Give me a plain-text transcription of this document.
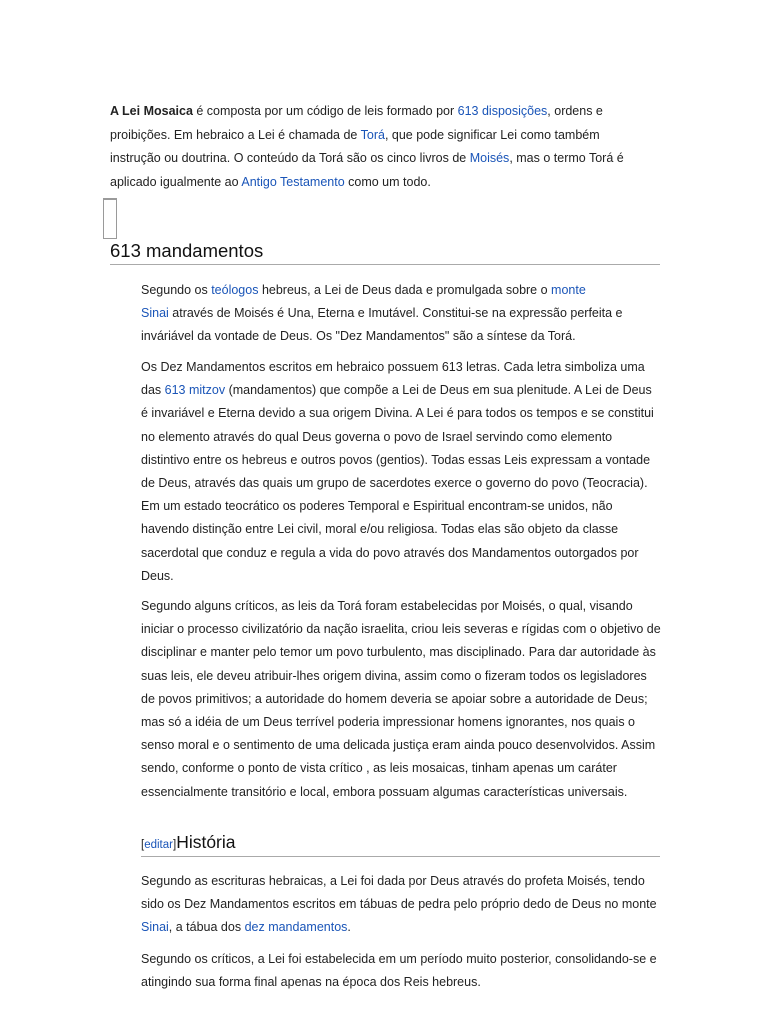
A Lei Mosaica é composta por um código de leis formado por 613 disposições, ordens e proibições. Em hebraico a Lei é chamada de Torá, que pode significar Lei como também instrução ou doutrina. O conteúdo da Torá são os cinco livros de Moisés, mas o termo Torá é aplicado igualmente ao Antigo Testamento como um todo.
613 mandamentos
Segundo os teólogos hebreus, a Lei de Deus dada e promulgada sobre o monte
Sinai através de Moisés é Una, Eterna e Imutável. Constitui-se na expressão perfeita e inváriável da vontade de Deus. Os "Dez Mandamentos" são a síntese da Torá.
Os Dez Mandamentos escritos em hebraico possuem 613 letras. Cada letra simboliza uma das 613 mitzov (mandamentos) que compõe a Lei de Deus em sua plenitude. A Lei de Deus é invariável e Eterna devido a sua origem Divina. A Lei é para todos os tempos e se constitui no elemento através do qual Deus governa o povo de Israel servindo como elemento distintivo entre os hebreus e outros povos (gentios). Todas essas Leis expressam a vontade de Deus, através das quais um grupo de sacerdotes exerce o governo do povo (Teocracia). Em um estado teocrático os poderes Temporal e Espiritual encontram-se unidos, não havendo distinção entre Lei civil, moral e/ou religiosa. Todas elas são objeto da classe sacerdotal que conduz e regula a vida do povo através dos Mandamentos outorgados por Deus.
Segundo alguns críticos, as leis da Torá foram estabelecidas por Moisés, o qual, visando iniciar o processo civilizatório da nação israelita, criou leis severas e rígidas com o objetivo de disciplinar e manter pelo temor um povo turbulento, mas disciplinado. Para dar autoridade às suas leis, ele deveu atribuir-lhes origem divina, assim como o fizeram todos os legisladores de povos primitivos; a autoridade do homem deveria se apoiar sobre a autoridade de Deus; mas só a idéia de um Deus terrível poderia impressionar homens ignorantes, nos quais o senso moral e o sentimento de uma delicada justiça eram ainda pouco desenvolvidos. Assim sendo, conforme o ponto de vista crítico , as leis mosaicas, tinham apenas um caráter essencialmente transitório e local, embora possuam algumas características universais.
[editar]História
Segundo as escrituras hebraicas, a Lei foi dada por Deus através do profeta Moisés, tendo sido os Dez Mandamentos escritos em tábuas de pedra pelo próprio dedo de Deus no monte Sinai, a tábua dos dez mandamentos.
Segundo os críticos, a Lei foi estabelecida em um período muito posterior, consolidando-se e atingindo sua forma final apenas na época dos Reis hebreus.
